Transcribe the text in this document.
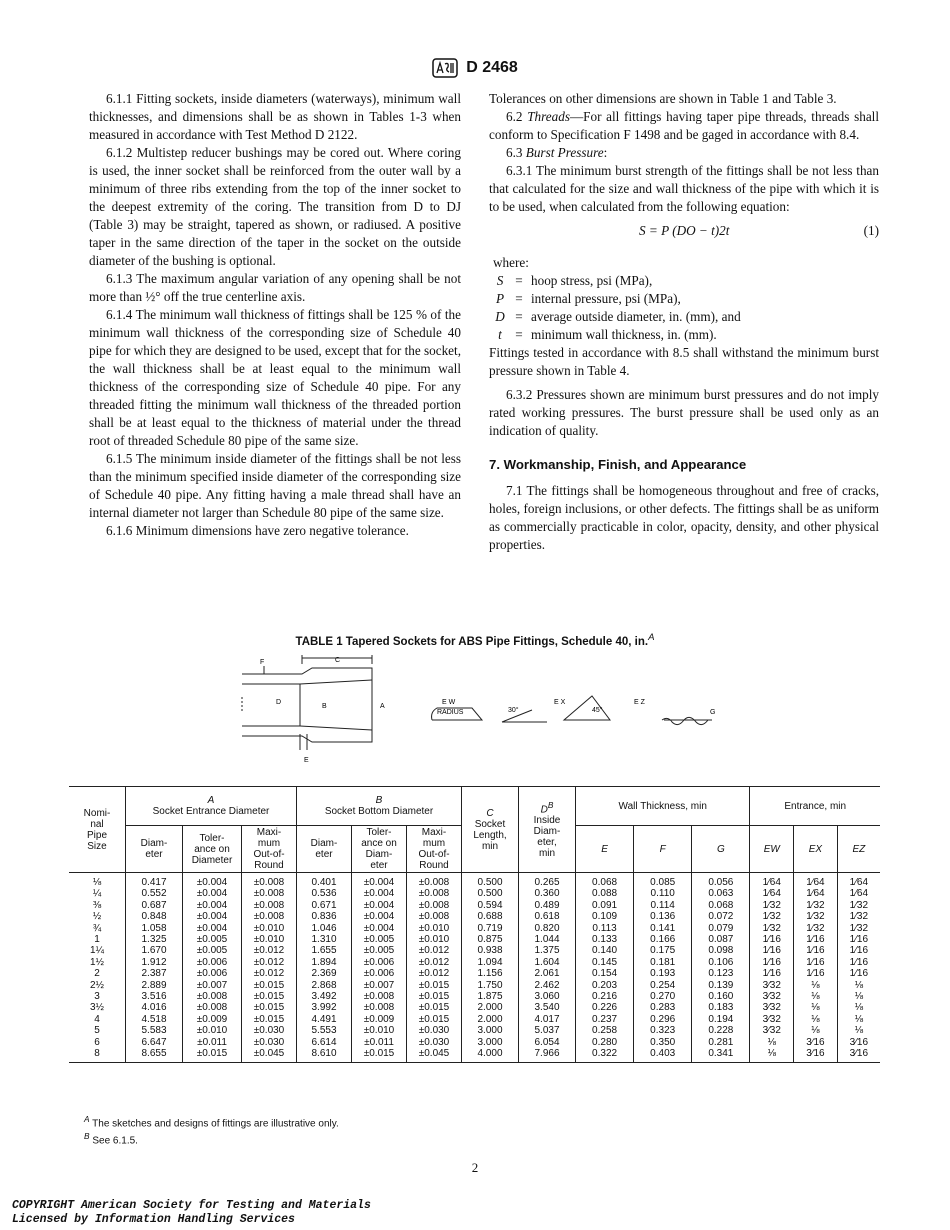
D 2468

6.1.1 Fitting sockets, inside diameters (waterways), minimum wall thicknesses, and dimensions shall be as shown in Tables 1-3 when measured in accordance with Test Method D 2122.

6.1.2 Multistep reducer bushings may be cored out. Where coring is used, the inner socket shall be reinforced from the outer wall by a minimum of three ribs extending from the top of the inner socket to the deepest extremity of the coring. The transition from D to DJ (Table 3) may be straight, tapered as shown, or radiused. A positive taper in the same direction of the taper in the socket on the outside diameter of the bushing is optional.

6.1.3 The maximum angular variation of any opening shall be not more than ½° off the true centerline axis.

6.1.4 The minimum wall thickness of fittings shall be 125 % of the minimum wall thickness of the corresponding size of Schedule 40 pipe for which they are designed to be used, except that for the socket, the wall thickness shall be at least equal to the minimum wall thickness of the corresponding size of Schedule 40 pipe. For any threaded fitting the minimum wall thickness of the threaded portion shall be at least equal to the thickness of material under the thread root of threaded Schedule 80 pipe of the same size.

6.1.5 The minimum inside diameter of the fittings shall be not less than the minimum specified inside diameter of the corresponding size of Schedule 40 pipe. Any fitting having a male thread shall have an internal diameter not larger than Schedule 80 pipe of the same size.

6.1.6 Minimum dimensions have zero negative tolerance.

Tolerances on other dimensions are shown in Table 1 and Table 3.

6.2 Threads—For all fittings having taper pipe threads, threads shall conform to Specification F 1498 and be gaged in accordance with 8.4.

6.3 Burst Pressure:

6.3.1 The minimum burst strength of the fittings shall be not less than that calculated for the size and wall thickness of the pipe with which it is to be used, when calculated from the following equation:

S = P (DO − t)2t	(1)
where:
S = hoop stress, psi (MPa),
P = internal pressure, psi (MPa),
D = average outside diameter, in. (mm), and
t	= minimum wall thickness, in. (mm).

Fittings tested in accordance with 8.5 shall withstand the minimum burst pressure shown in Table 4.

6.3.2 Pressures shown are minimum burst pressures and do not imply rated working pressures. The burst pressure shall be used only as an indication of quality.

7. Workmanship, Finish, and Appearance

7.1 The fittings shall be homogeneous throughout and free of cracks, holes, foreign inclusions, or other defects. The fittings shall be as uniform as commercially practicable in color, opacity, density, and other physical properties.

TABLE 1 Tapered Sockets for ABS Pipe Fittings, Schedule 40, in.$^A$
F	C
D
B	A
E
E W
RADIUS	30°
E X
45°
E Z
G
Nomi-
nal
Pipe
Size	A
Socket Entrance Diameter			B
Socket Bottom Diameter			C
Socket
Length,
min	$D^B$
Inside
Diam-
eter,
min	Wall Thickness, min			Entrance, min		
	Diam-
eter	Toler-
ance on
Diameter	Maxi-
mum
Out-of-
Round	Diam-
eter	Toler-
ance on
Diam-
eter	Maxi-
mum
Out-of-
Round			E	F	G	EW	EX	EZ

⅛	0.417	±0.004	±0.008	0.401	±0.004	±0.008	0.500	0.265	0.068	0.085	0.056	1⁄64	1⁄64	1⁄64
¼	0.552	±0.004	±0.008	0.536	±0.004	±0.008	0.500	0.360	0.088	0.110	0.063	1⁄64	1⁄64	1⁄64
⅜	0.687	±0.004	±0.008	0.671	±0.004	±0.008	0.594	0.489	0.091	0.114	0.068	1⁄32	1⁄32	1⁄32
½	0.848	±0.004	±0.008	0.836	±0.004	±0.008	0.688	0.618	0.109	0.136	0.072	1⁄32	1⁄32	1⁄32
¾	1.058	±0.004	±0.010	1.046	±0.004	±0.010	0.719	0.820	0.113	0.141	0.079	1⁄32	1⁄32	1⁄32
1	1.325	±0.005	±0.010	1.310	±0.005	±0.010	0.875	1.044	0.133	0.166	0.087	1⁄16	1⁄16	1⁄16
1¼	1.670	±0.005	±0.012	1.655	±0.005	±0.012	0.938	1.375	0.140	0.175	0.098	1⁄16	1⁄16	1⁄16
1½	1.912	±0.006	±0.012	1.894	±0.006	±0.012	1.094	1.604	0.145	0.181	0.106	1⁄16	1⁄16	1⁄16
2	2.387	±0.006	±0.012	2.369	±0.006	±0.012	1.156	2.061	0.154	0.193	0.123	1⁄16	1⁄16	1⁄16
2½	2.889	±0.007	±0.015	2.868	±0.007	±0.015	1.750	2.462	0.203	0.254	0.139	3⁄32	⅛	⅛
3	3.516	±0.008	±0.015	3.492	±0.008	±0.015	1.875	3.060	0.216	0.270	0.160	3⁄32	⅛	⅛
3½	4.016	±0.008	±0.015	3.992	±0.008	±0.015	2.000	3.540	0.226	0.283	0.183	3⁄32	⅛	⅛
4	4.518	±0.009	±0.015	4.491	±0.009	±0.015	2.000	4.017	0.237	0.296	0.194	3⁄32	⅛	⅛
5	5.583	±0.010	±0.030	5.553	±0.010	±0.030	3.000	5.037	0.258	0.323	0.228	3⁄32	⅛	⅛
6	6.647	±0.011	±0.030	6.614	±0.011	±0.030	3.000	6.054	0.280	0.350	0.281	⅛	3⁄16	3⁄16
8	8.655	±0.015	±0.045	8.610	±0.015	±0.045	4.000	7.966	0.322	0.403	0.341	⅛	3⁄16	3⁄16
$^A$ The sketches and designs of fittings are illustrative only.
$^B$ See 6.1.5.
2
COPYRIGHT American Society for Testing and Materials
Licensed by Information Handling Services
